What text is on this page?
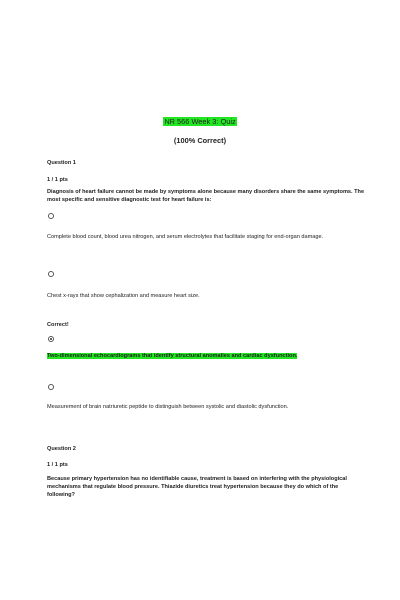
NR 566 Week 3: Quiz
(100% Correct)
Question 1
1 / 1 pts
Diagnosis of heart failure cannot be made by symptoms alone because many disorders share the same symptoms. The most specific and sensitive diagnostic test for heart failure is:
Complete blood count, blood urea nitrogen, and serum electrolytes that facilitate staging for end-organ damage.
Chest x-rays that show cephalization and measure heart size.
Correct!
Two-dimensional echocardiograms that identify structural anomalies and cardiac dysfunction.
Measurement of brain natriuretic peptide to distinguish between systolic and diastolic dysfunction.
Question 2
1 / 1 pts
Because primary hypertension has no identifiable cause, treatment is based on interfering with the physiological mechanisms that regulate blood pressure. Thiazide diuretics treat hypertension because they do which of the following?
